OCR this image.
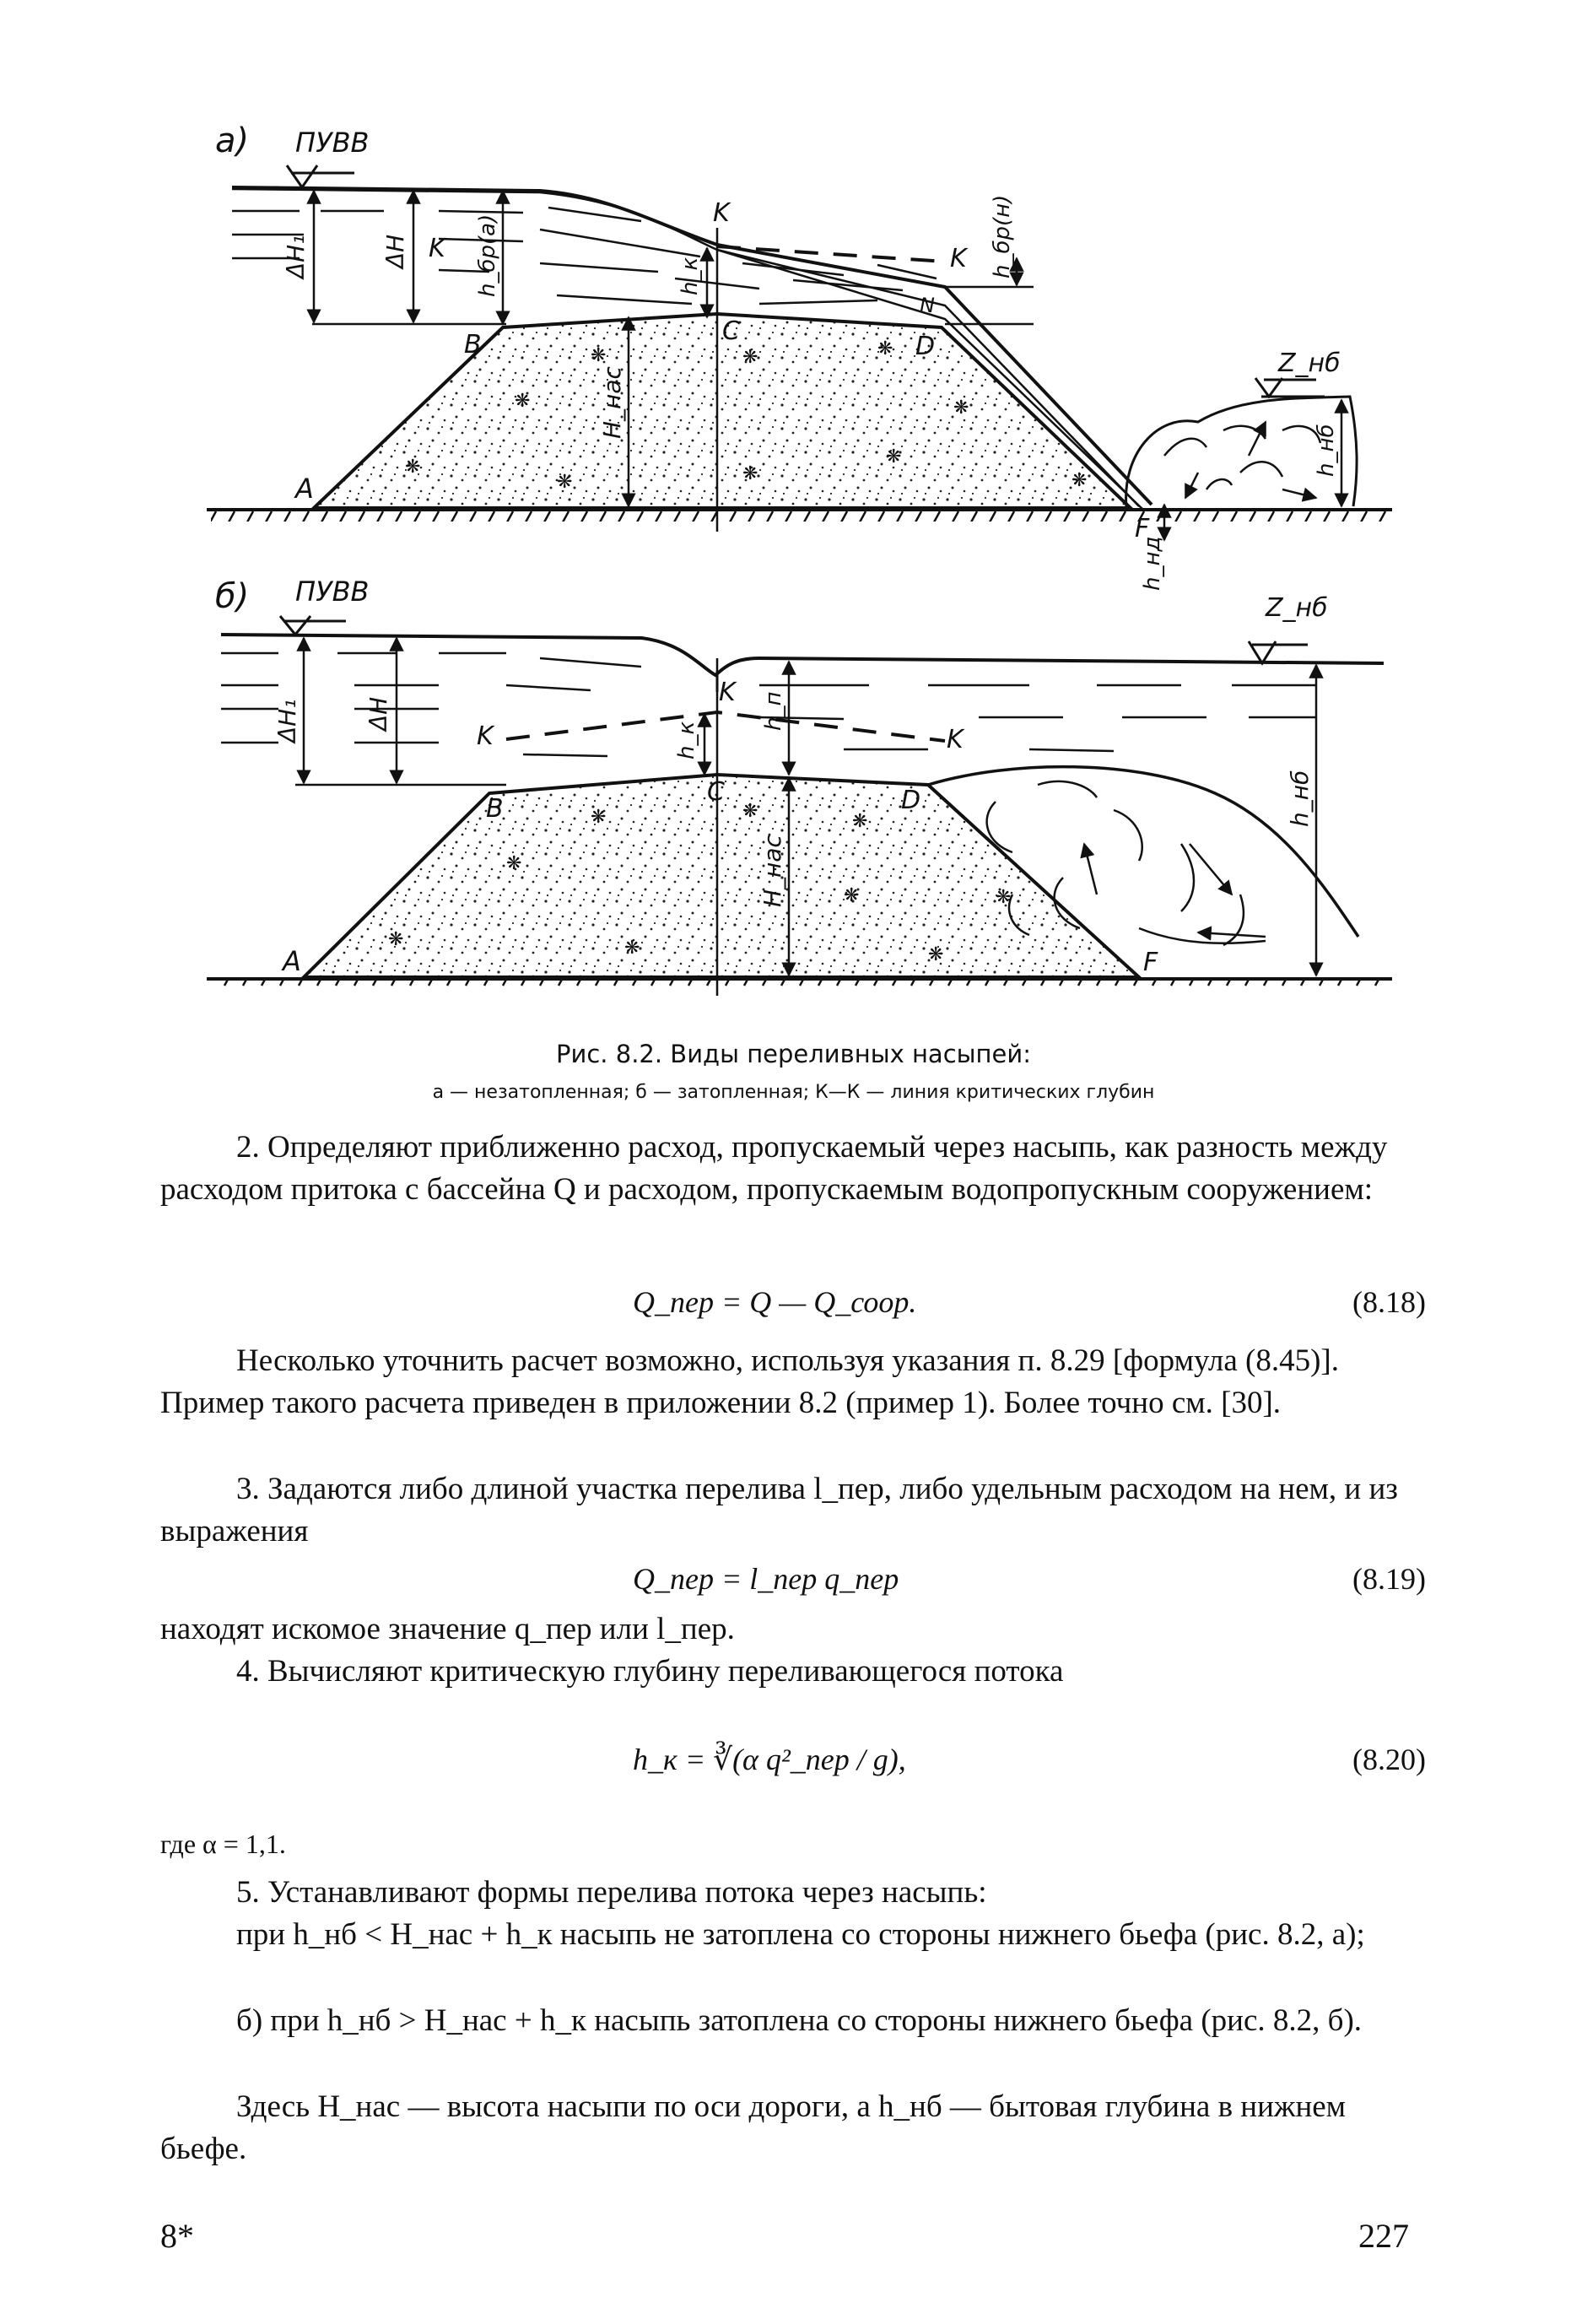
❋
❋
❋	❋
❋
❋	❋
❋
❋
❋
а) ПУВВ
ΔH₁	ΔH K h_бр(а)
K
h_к
C
K h_бр(н)
N
B	D
H_нас
A
F
Z_нб
h_нб
h_нд
❋
❋
❋	❋
❋	❋
❋	❋
❋
б) ПУВВ
Z_нб
ΔH₁	ΔH
K
K
K
h_к
h_п
C
B	D
H_нас
h_нб
A	F
Рис. 8.2. Виды переливных насыпей:
а — незатопленная; б — затопленная; К—К — линия критических глубин

2. Определяют приближенно расход, пропускаемый через насыпь, как разность между расходом притока с бассейна Q и расходом, пропускаемым водопропускным сооружением:

Q_пер = Q — Q_соор.	(8.18)

Несколько уточнить расчет возможно, используя указания п. 8.29 [формула (8.45)]. Пример такого расчета приведен в приложении 8.2 (пример 1). Более точно см. [30].

3. Задаются либо длиной участка перелива l_пер, либо удельным расходом на нем, и из выражения

Q_пер = l_пер q_пер	(8.19)

находят искомое значение q_пер или l_пер.

4. Вычисляют критическую глубину переливающегося потока

h_к = ∛(α q²_пер / g),	(8.20)

где α = 1,1.

5. Устанавливают формы перелива потока через насыпь:

при h_нб < H_нас + h_к насыпь не затоплена со стороны нижнего бьефа (рис. 8.2, а);

б) при h_нб > H_нас + h_к насыпь затоплена со стороны нижнего бьефа (рис. 8.2, б).

Здесь H_нас — высота насыпи по оси дороги, а h_нб — бытовая глубина в нижнем бьефе.

8*	227
